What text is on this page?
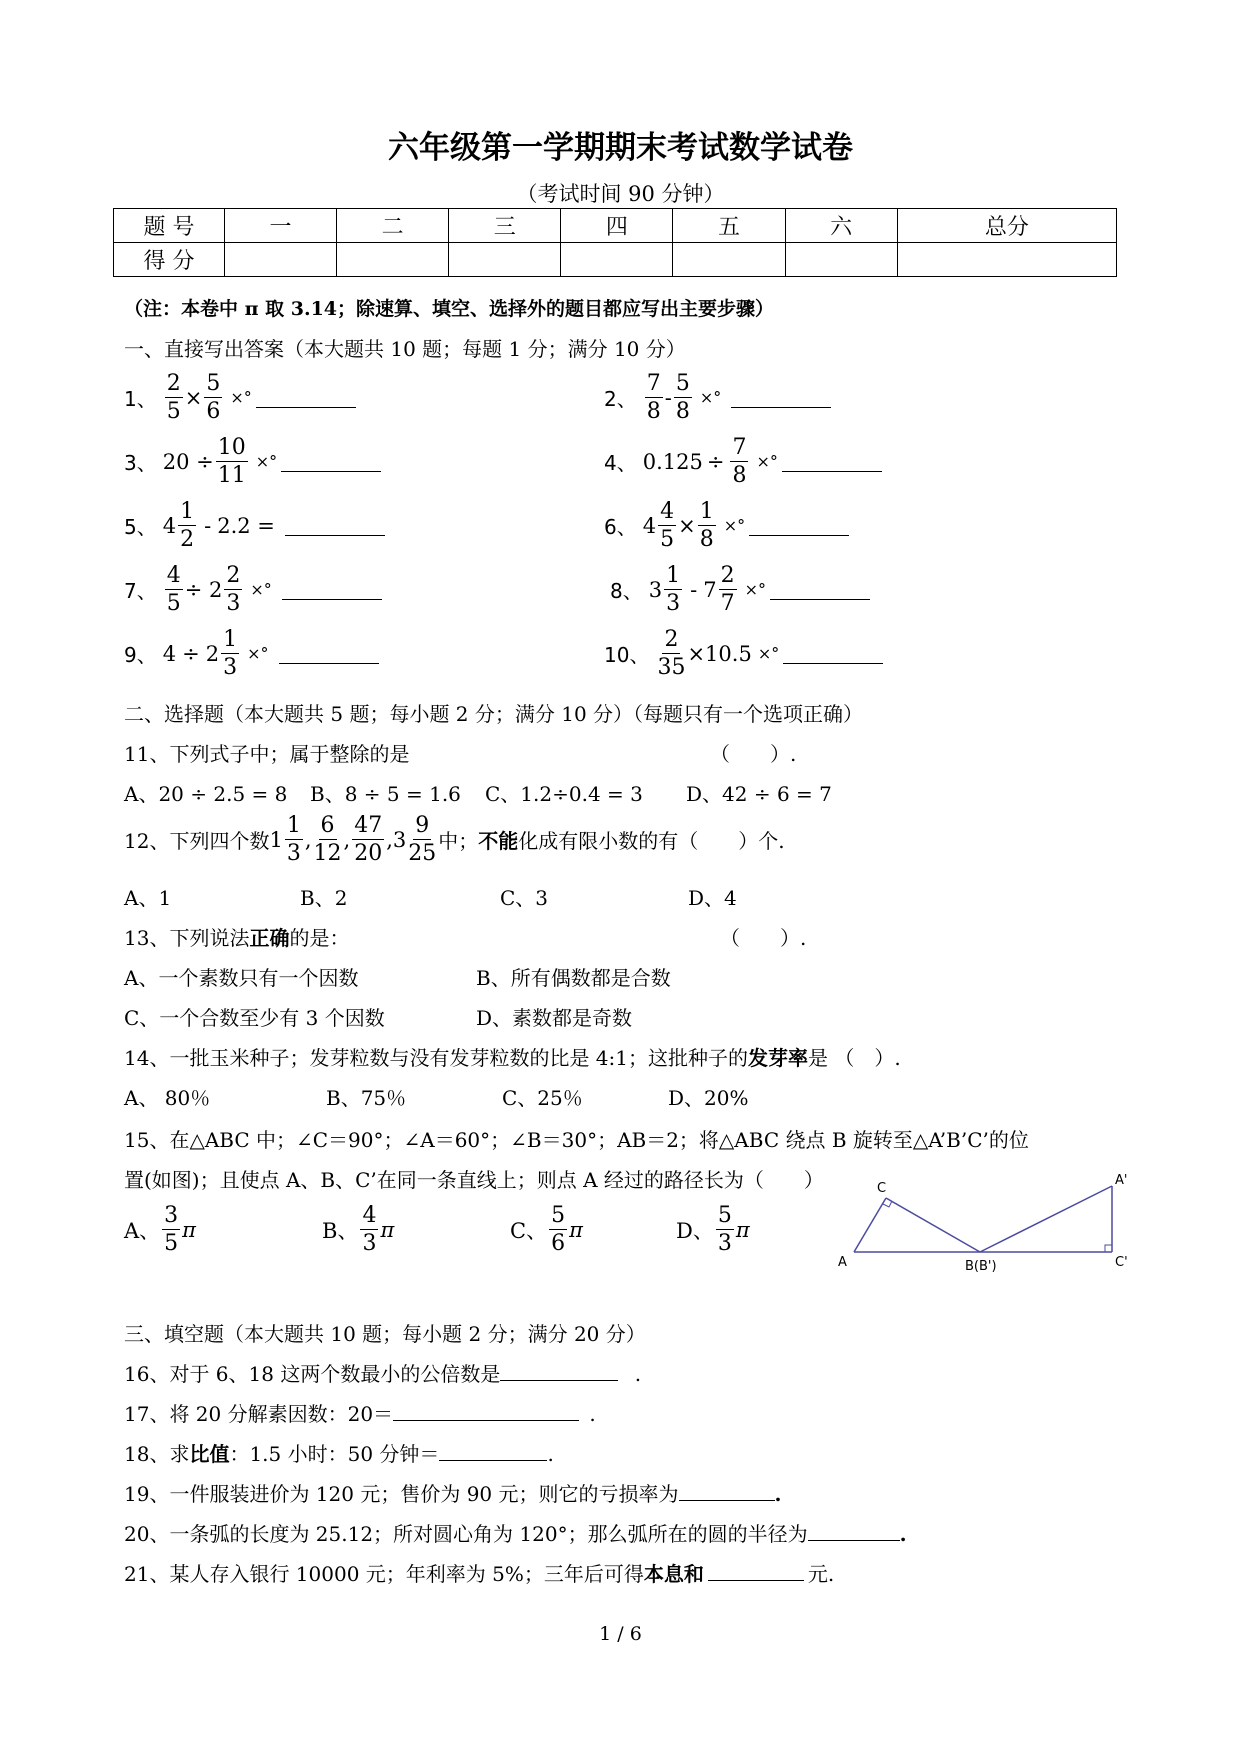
六年级第一学期期末考试数学试卷
（考试时间 90 分钟）
题 号	一	二	三	四	五	六	总分
得 分							
（注：本卷中 π 取 3.14；除速算、填空、选择外的题目都应写出主要步骤）
一、直接写出答案（本大题共 10 题；每题 1 分；满分 10 分）
1、 $\frac{2}{5} \times \frac{5}{6}$ ×°	2、 $\frac{7}{8} - \frac{5}{8}$ ×°
3、 $20 \div \frac{10}{11}$ ×°	4、 $0.125 \div \frac{7}{8}$ ×°
5、 $4 \frac{1}{2} - 2.2$ =	6、 $4 \frac{4}{5} \times \frac{1}{8}$ ×°
7、 $\frac{4}{5} \div 2 \frac{2}{3}$ ×°	8、 $3 \frac{1}{3} - 7 \frac{2}{7}$ ×°
9、 $4 \div 2 \frac{1}{3}$ ×°	10、 $\frac{2}{35} \times 10.5$ ×°
二、选择题（本大题共 5 题；每小题 2 分；满分 10 分）（每题只有一个选项正确）
11、下列式子中；属于整除的是	（　　）.
A、20 ÷ 2.5 = 8 B、8 ÷ 5 = 1.6 C、1.2÷0.4 = 3 D、42 ÷ 6 = 7
12、下列四个数 $1 \frac{1}{3}$ , $\frac{6}{12}$ , $\frac{47}{20} ,3 \frac{9}{25}$ 中； 不能 化成有限小数的有（　　）个.
A、1	B、2	C、3	D、4
13、下列说法正确的是：	（　　）.
A、一个素数只有一个因数	B、所有偶数都是合数
C、一个合数至少有 3 个因数	D、素数都是奇数
14、一批玉米种子；发芽粒数与没有发芽粒数的比是 4:1；这批种子的发芽率是 （　）.
A、 80％	B、75％	C、25％	D、20%
15、在△ABC 中；∠C＝90°；∠A＝60°；∠B＝30°；AB＝2；将△ABC 绕点 B 旋转至△A’B’C’的位
置(如图)；且使点 A、B、C’在同一条直线上；则点 A 经过的路径长为（　　）
A、 $\frac{3}{5}$ π	B、 $\frac{4}{3}$ π	C、 $\frac{5}{6}$ π	D、 $\frac{5}{3}$ π
C
A	B(B')
A'
C'
三、填空题（本大题共 10 题；每小题 2 分；满分 20 分）
16、对于 6、18 这两个数最小的公倍数是	.
17、将 20 分解素因数：20＝	.
18、求比值：1.5 小时：50 分钟＝	.
19、一件服装进价为 120 元；售价为 90 元；则它的亏损率为	.
20、一条弧的长度为 25.12；所对圆心角为 120°；那么弧所在的圆的半径为	.
21、某人存入银行 10000 元；年利率为 5%；三年后可得本息和	元.
1 / 6
